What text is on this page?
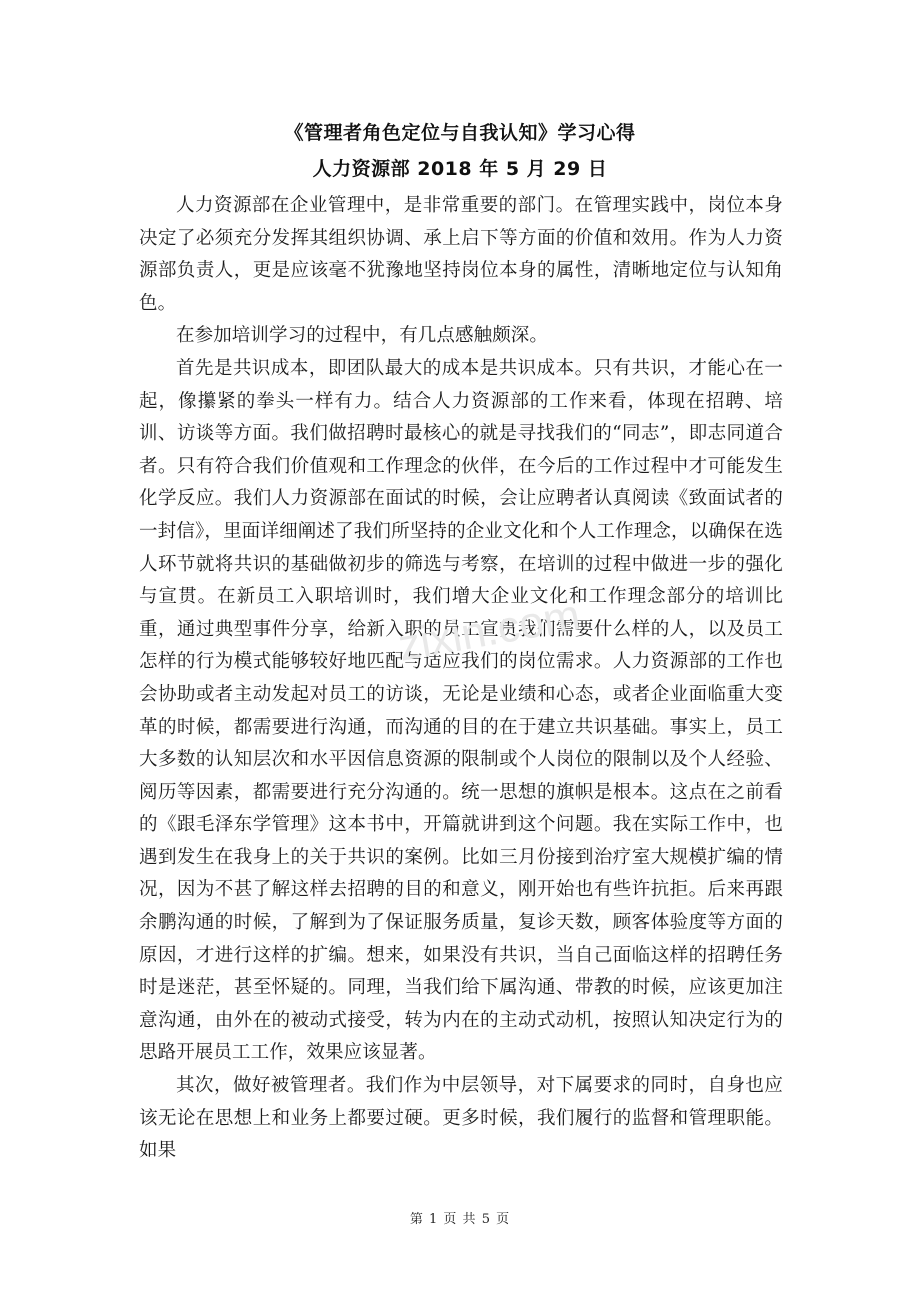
《管理者角色定位与自我认知》学习心得
人力资源部 2018 年 5 月 29 日

人力资源部在企业管理中，是非常重要的部门。在管理实践中，岗位本身决定了必须充分发挥其组织协调、承上启下等方面的价值和效用。作为人力资源部负责人，更是应该毫不犹豫地坚持岗位本身的属性，清晰地定位与认知角色。

在参加培训学习的过程中，有几点感触颇深。

首先是共识成本，即团队最大的成本是共识成本。只有共识，才能心在一起，像攥紧的拳头一样有力。结合人力资源部的工作来看，体现在招聘、培训、访谈等方面。我们做招聘时最核心的就是寻找我们的“同志”，即志同道合者。只有符合我们价值观和工作理念的伙伴，在今后的工作过程中才可能发生化学反应。我们人力资源部在面试的时候，会让应聘者认真阅读《致面试者的一封信》，里面详细阐述了我们所坚持的企业文化和个人工作理念，以确保在选人环节就将共识的基础做初步的筛选与考察，在培训的过程中做进一步的强化与宣贯。在新员工入职培训时，我们增大企业文化和工作理念部分的培训比重，通过典型事件分享，给新入职的员工宣贯我们需要什么样的人，以及员工怎样的行为模式能够较好地匹配与适应我们的岗位需求。人力资源部的工作也会协助或者主动发起对员工的访谈，无论是业绩和心态，或者企业面临重大变革的时候，都需要进行沟通，而沟通的目的在于建立共识基础。事实上，员工大多数的认知层次和水平因信息资源的限制或个人岗位的限制以及个人经验、阅历等因素，都需要进行充分沟通的。统一思想的旗帜是根本。这点在之前看的《跟毛泽东学管理》这本书中，开篇就讲到这个问题。我在实际工作中，也遇到发生在我身上的关于共识的案例。比如三月份接到治疗室大规模扩编的情况，因为不甚了解这样去招聘的目的和意义，刚开始也有些许抗拒。后来再跟余鹏沟通的时候，了解到为了保证服务质量，复诊天数，顾客体验度等方面的原因，才进行这样的扩编。想来，如果没有共识，当自己面临这样的招聘任务时是迷茫，甚至怀疑的。同理，当我们给下属沟通、带教的时候，应该更加注意沟通，由外在的被动式接受，转为内在的主动式动机，按照认知决定行为的思路开展员工工作，效果应该显著。

其次，做好被管理者。我们作为中层领导，对下属要求的同时，自身也应该无论在思想上和业务上都要过硬。更多时候，我们履行的监督和管理职能。如果

zixin.com
第 1 页 共 5 页
